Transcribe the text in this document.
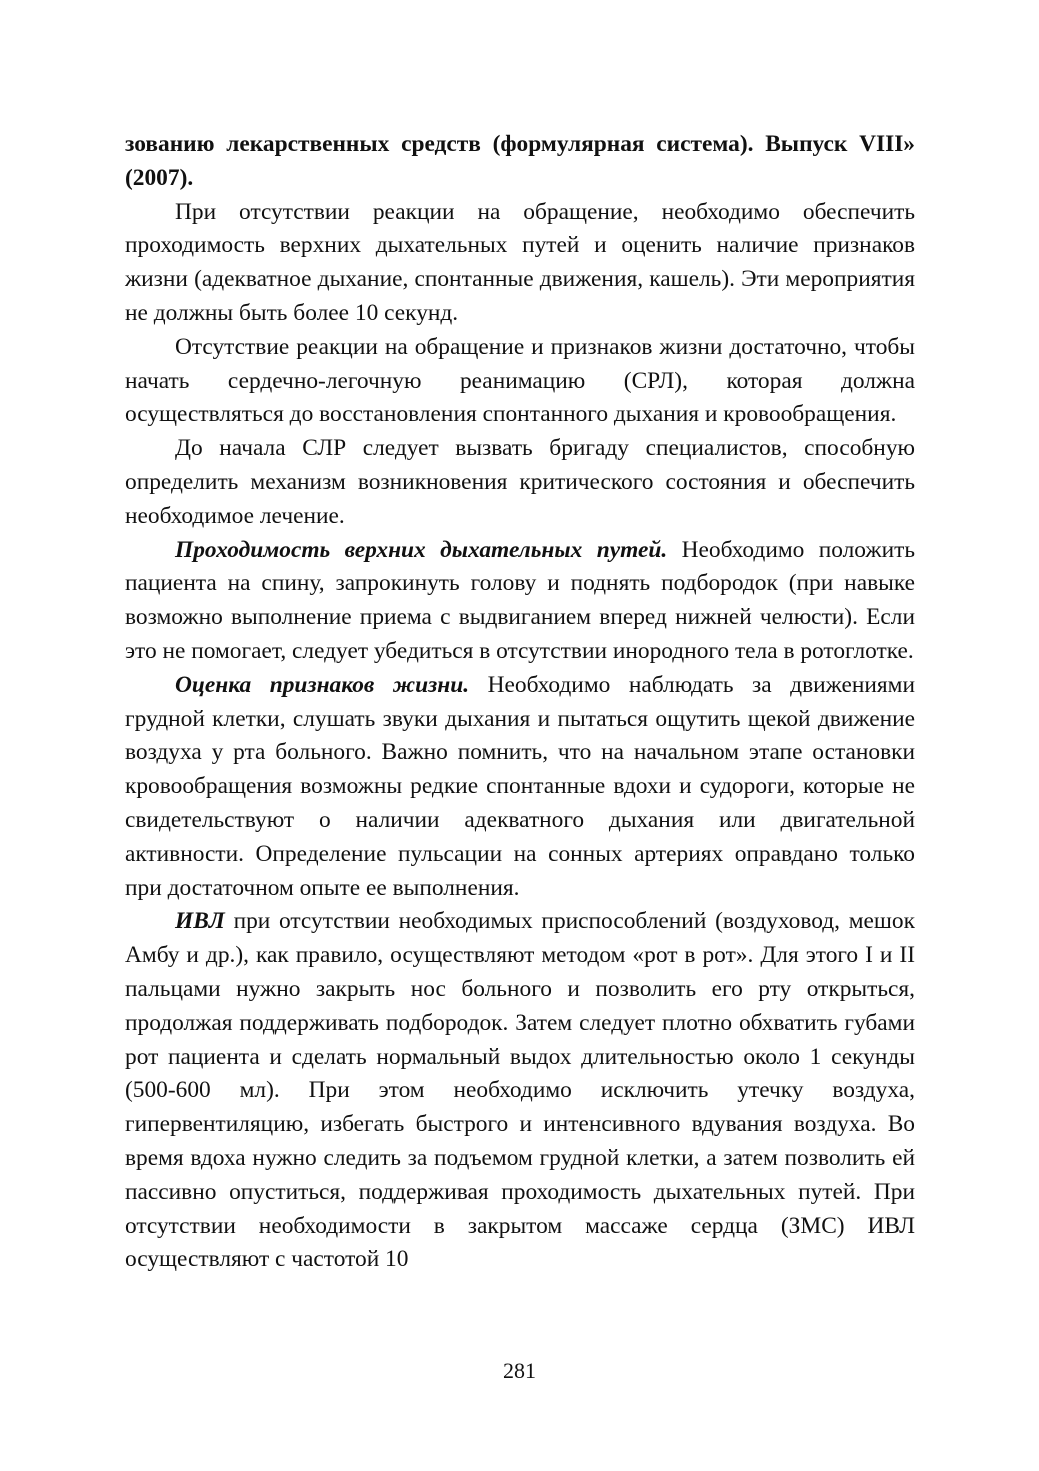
зованию лекарственных средств (формулярная система). Выпуск VIII» (2007).

При отсутствии реакции на обращение, необходимо обеспечить проходимость верхних дыхательных путей и оценить наличие признаков жизни (адекватное дыхание, спонтанные движения, кашель). Эти мероприятия не должны быть более 10 секунд.

Отсутствие реакции на обращение и признаков жизни достаточно, чтобы начать сердечно-легочную реанимацию (СРЛ), которая должна осуществляться до восстановления спонтанного дыхания и кровообращения.

До начала СЛР следует вызвать бригаду специалистов, способную определить механизм возникновения критического состояния и обеспечить необходимое лечение.

Проходимость верхних дыхательных путей. Необходимо положить пациента на спину, запрокинуть голову и поднять подбородок (при навыке возможно выполнение приема с выдвиганием вперед нижней челюсти). Если это не помогает, следует убедиться в отсутствии инородного тела в ротоглотке.

Оценка признаков жизни. Необходимо наблюдать за движениями грудной клетки, слушать звуки дыхания и пытаться ощутить щекой движение воздуха у рта больного. Важно помнить, что на начальном этапе остановки кровообращения возможны редкие спонтанные вдохи и судороги, которые не свидетельствуют о наличии адекватного дыхания или двигательной активности. Определение пульсации на сонных артериях оправдано только при достаточном опыте ее выполнения.

ИВЛ при отсутствии необходимых приспособлений (воздуховод, мешок Амбу и др.), как правило, осуществляют методом «рот в рот». Для этого I и II пальцами нужно закрыть нос больного и позволить его рту открыться, продолжая поддерживать подбородок. Затем следует плотно обхватить губами рот пациента и сделать нормальный выдох длительностью около 1 секунды (500-600 мл). При этом необходимо исключить утечку воздуха, гипервентиляцию, избегать быстрого и интенсивного вдувания воздуха. Во время вдоха нужно следить за подъемом грудной клетки, а затем позволить ей пассивно опуститься, поддерживая проходимость дыхательных путей. При отсутствии необходимости в закрытом массаже сердца (ЗМС) ИВЛ осуществляют с частотой 10

281
